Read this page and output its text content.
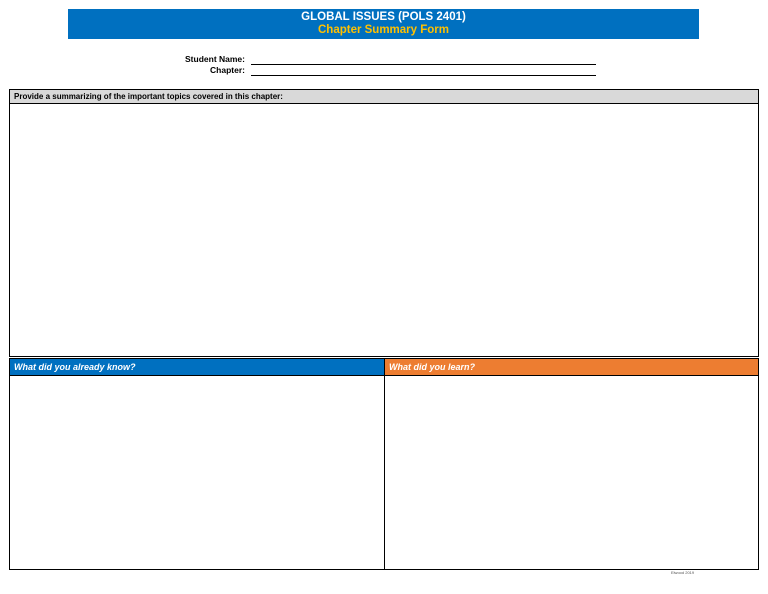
GLOBAL ISSUES (POLS 2401)
Chapter Summary Form
Student Name:
Chapter:
Provide a summarizing of the important topics covered in this chapter:
What did you already know?	What did you learn?
Elwood 2019
